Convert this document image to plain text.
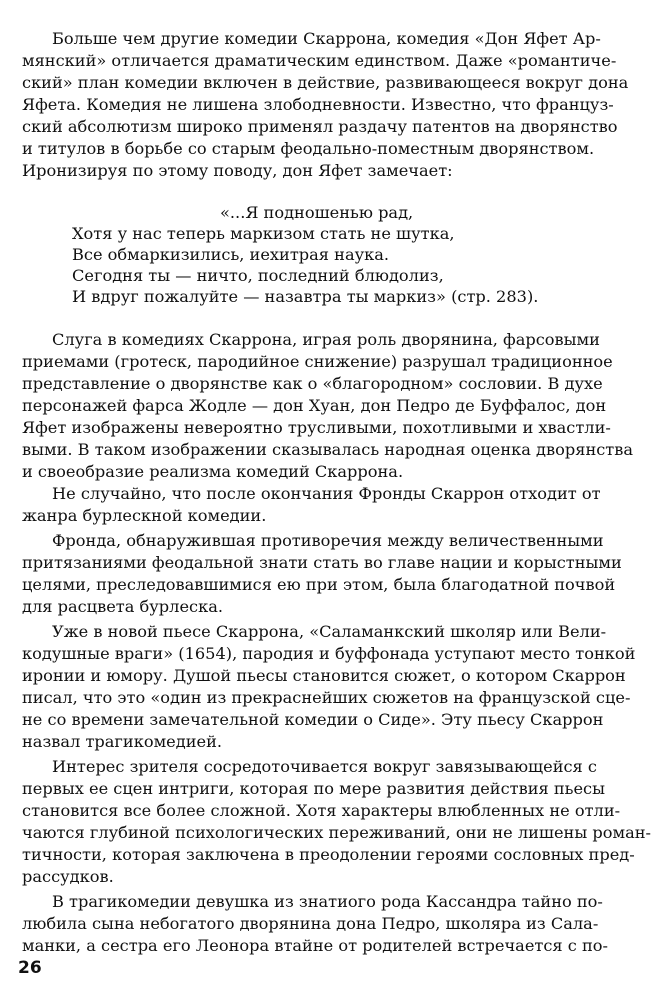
Больше чем другие комедии Скаррона, комедия «Дон Яфет Ар-
мянский» отличается драматическим единством. Даже «романтиче-
ский» план комедии включен в действие, развивающееся вокруг дона
Яфета. Комедия не лишена злободневности. Известно, что француз-
ский абсолютизм широко применял раздачу патентов на дворянство
и титулов в борьбе со старым феодально-поместным дворянством.
Иронизируя по этому поводу, дон Яфет замечает:
«...Я подношенью рад,
Хотя у нас теперь маркизом стать не шутка,
Все обмаркизились, иехитрая наука.
Сегодня ты — ничто, последний блюдолиз,
И вдруг пожалуйте — назавтра ты маркиз» (стр. 283).
Слуга в комедиях Скаррона, играя роль дворянина, фарсовыми
приемами (гротеск, пародийное снижение) разрушал традиционное
представление о дворянстве как о «благородном» сословии. В духе
персонажей фарса Жодле — дон Хуан, дон Педро де Буффалос, дон
Яфет изображены невероятно трусливыми, похотливыми и хвастли-
выми. В таком изображении сказывалась народная оценка дворянства
и своеобразие реализма комедий Скаррона.
Не случайно, что после окончания Фронды Скаррон отходит от
жанра бурлескной комедии.
Фронда, обнаружившая противоречия между величественными
притязаниями феодальной знати стать во главе нации и корыстными
целями, преследовавшимися ею при этом, была благодатной почвой
для расцвета бурлеска.
Уже в новой пьесе Скаррона, «Саламанкский школяр или Вели-
кодушные враги» (1654), пародия и буффонада уступают место тонкой
иронии и юмору. Душой пьесы становится сюжет, о котором Скаррон
писал, что это «один из прекраснейших сюжетов на французской сце-
не со времени замечательной комедии о Сиде». Эту пьесу Скаррон
назвал трагикомедией.
Интерес зрителя сосредоточивается вокруг завязывающейся с
первых ее сцен интриги, которая по мере развития действия пьесы
становится все более сложной. Хотя характеры влюбленных не отли-
чаются глубиной психологических переживаний, они не лишены роман-
тичности, которая заключена в преодолении героями сословных пред-
рассудков.
В трагикомедии девушка из знатиого рода Кассандра тайно по-
любила сына небогатого дворянина дона Педро, школяра из Сала-
манки, а сестра его Леонора втайне от родителей встречается с по-
26
